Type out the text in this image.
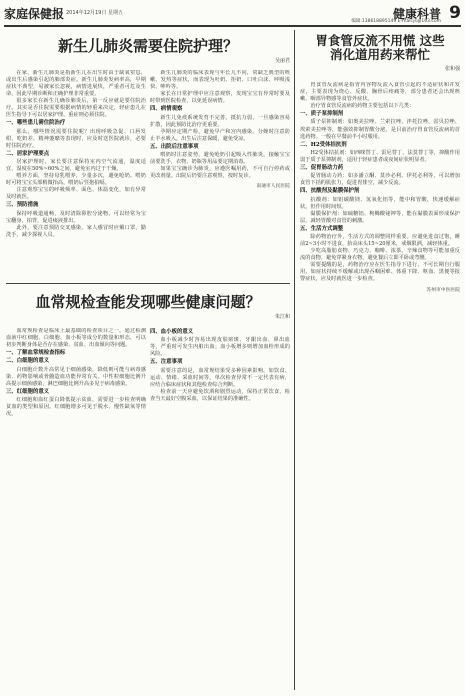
家庭保健报 2014年12月19日 星期五	健康科普 9
编辑:138618895149 E-mail:js@163.com
新生儿肺炎需要住院护理？
吴丽君

在家，新生儿肺炎是指新生儿在出生时由于缺氧窒息、或出生后感染引起的肺部炎症。新生儿肺炎发病率高，早期症状不典型，易被家长忽视，病情进展快，严重者可危及生命，因此早期诊断和正确护理非常重要。

很多家长在新生儿确诊肺炎后，第一反应就是要住院治疗。其实是否住院需要根据病情的轻重来决定，轻症患儿在医生指导下可以居家护理，重症则必须住院。

一、哪些患儿需住院治疗

那么，哪些情况需要住院呢？出现呼吸急促、口唇发绀、吃奶差、精神萎靡等表现时，应及时送医院就诊，必要时住院治疗。

二、居家护理要点

居家护理时，家长要注意保持室内空气流通，温度适宜，湿度在50%~60%之间，避免室内过于干燥。

喂养方面，坚持母乳喂养，少量多次，避免呛奶。喂奶时可将宝宝头部稍微抬高，喂奶后竖抱拍嗝。

注意观察宝宝的呼吸频率、面色、体温变化，如有异常及时就医。

三、预防措施

保持呼吸道通畅，及时清除鼻腔分泌物，可以经常为宝宝翻身、拍背，促进痰液排出。

此外，要注意预防交叉感染，家人感冒时应戴口罩，勤洗手，减少探视人员。

新生儿肺炎的临床表现与年长儿不同，常缺乏典型的咳嗽、发热等症状，而表现为吐奶、拒奶、口吐白沫、呼吸浅快、呻吟等。

家长在日常护理中应注意观察，发现宝宝有异常时要及时带到医院检查，以免延误病情。

四、病情观察

新生儿免疫系统发育不完善，抵抗力弱，一旦感染容易扩散，因此预防比治疗更重要。

孕期应定期产检，避免早产和宫内感染。分娩时注意防止羊水吸入，出生后注意保暖，避免受凉。

五、出院后注意事项

喂奶时注意姿势，避免呛奶引起吸入性肺炎。接触宝宝前要洗手，衣物、奶瓶等用品要定期消毒。

如果宝宝确诊为肺炎，应遵医嘱用药，不可自行停药或更改剂量。出院后仍要注意观察，按时复诊。

南通市人民医院
血常规检查能发现哪些健康问题？
朱江和

血常规检查是临床上最基础的检查项目之一，通过检测血液中红细胞、白细胞、血小板等成分的数量和形态，可以初步判断身体是否存在感染、贫血、出血倾向等问题。

一、了解血常规检查指标
二、白细胞的意义

白细胞计数升高常见于细菌感染，降低则可能与病毒感染、药物影响或骨髓造血功能异常有关。中性粒细胞比例升高提示细菌感染，淋巴细胞比例升高多见于病毒感染。

三、红细胞的意义

红细胞和血红蛋白降低提示贫血，需要进一步检查明确贫血的类型和原因。红细胞增多可见于脱水、慢性缺氧等情况。

四、血小板的意义

血小板减少时容易出现皮肤瘀斑、牙龈出血、鼻出血等，严重时可发生内脏出血；血小板增多则增加血栓形成的风险。

五、注意事项

需要注意的是，血常规结果受多种因素影响，如饮食、运动、情绪、采血时间等，单次检查异常不一定代表有病，应结合临床症状和其他检查综合判断。

检查前一天应避免饮酒和剧烈运动，保持正常饮食，检查当天最好空腹采血，以保证结果的准确性。

胃食管反流不用慌 这些消化道用药来帮忙
张和强

胃食管反流病是指胃内容物反流入食管引起的不适症状和并发症，主要表现为烧心、反酸、胸骨后疼痛等，部分患者还会出现咳嗽、咽部异物感等食管外症状。

治疗胃食管反流病的药物主要包括以下几类：

一、质子泵抑制剂

质子泵抑制剂：如奥美拉唑、兰索拉唑、泮托拉唑、雷贝拉唑、埃索美拉唑等，能强效抑制胃酸分泌，是目前治疗胃食管反流病的首选药物。一般在早餐前半小时服用。

二、H2受体拮抗剂

H2受体拮抗剂：如西咪替丁、雷尼替丁、法莫替丁等，抑酸作用弱于质子泵抑制剂，适用于轻症患者或夜间症状明显者。

三、促胃肠动力药

促胃肠动力药：如多潘立酮、莫沙必利、伊托必利等，可以增加食管下括约肌张力，促进胃排空，减少反流。

四、抗酸剂及黏膜保护剂

抗酸剂：如铝碳酸镁、氢氧化铝等，能中和胃酸，快速缓解症状，但作用时间短。

黏膜保护剂：如硫糖铝、枸橼酸铋钾等，能在黏膜表面形成保护层，减轻胃酸对食管的刺激。

五、生活方式调整

除药物治疗外，生活方式的调整同样重要。应避免进食过饱，睡前2~3小时不进食，抬高床头15~20厘米，戒烟限酒，减轻体重。

少吃高脂肪食物、巧克力、咖啡、浓茶、辛辣食物等可能加重反流的食物，避免穿紧身衣物，避免餐后立即平卧或弯腰。

需要提醒的是，药物治疗应在医生指导下进行，不可长期自行服用，如症状持续不缓解或出现吞咽困难、体重下降、呕血、黑便等报警症状，应及时就医进一步检查。

苏州市中医医院
